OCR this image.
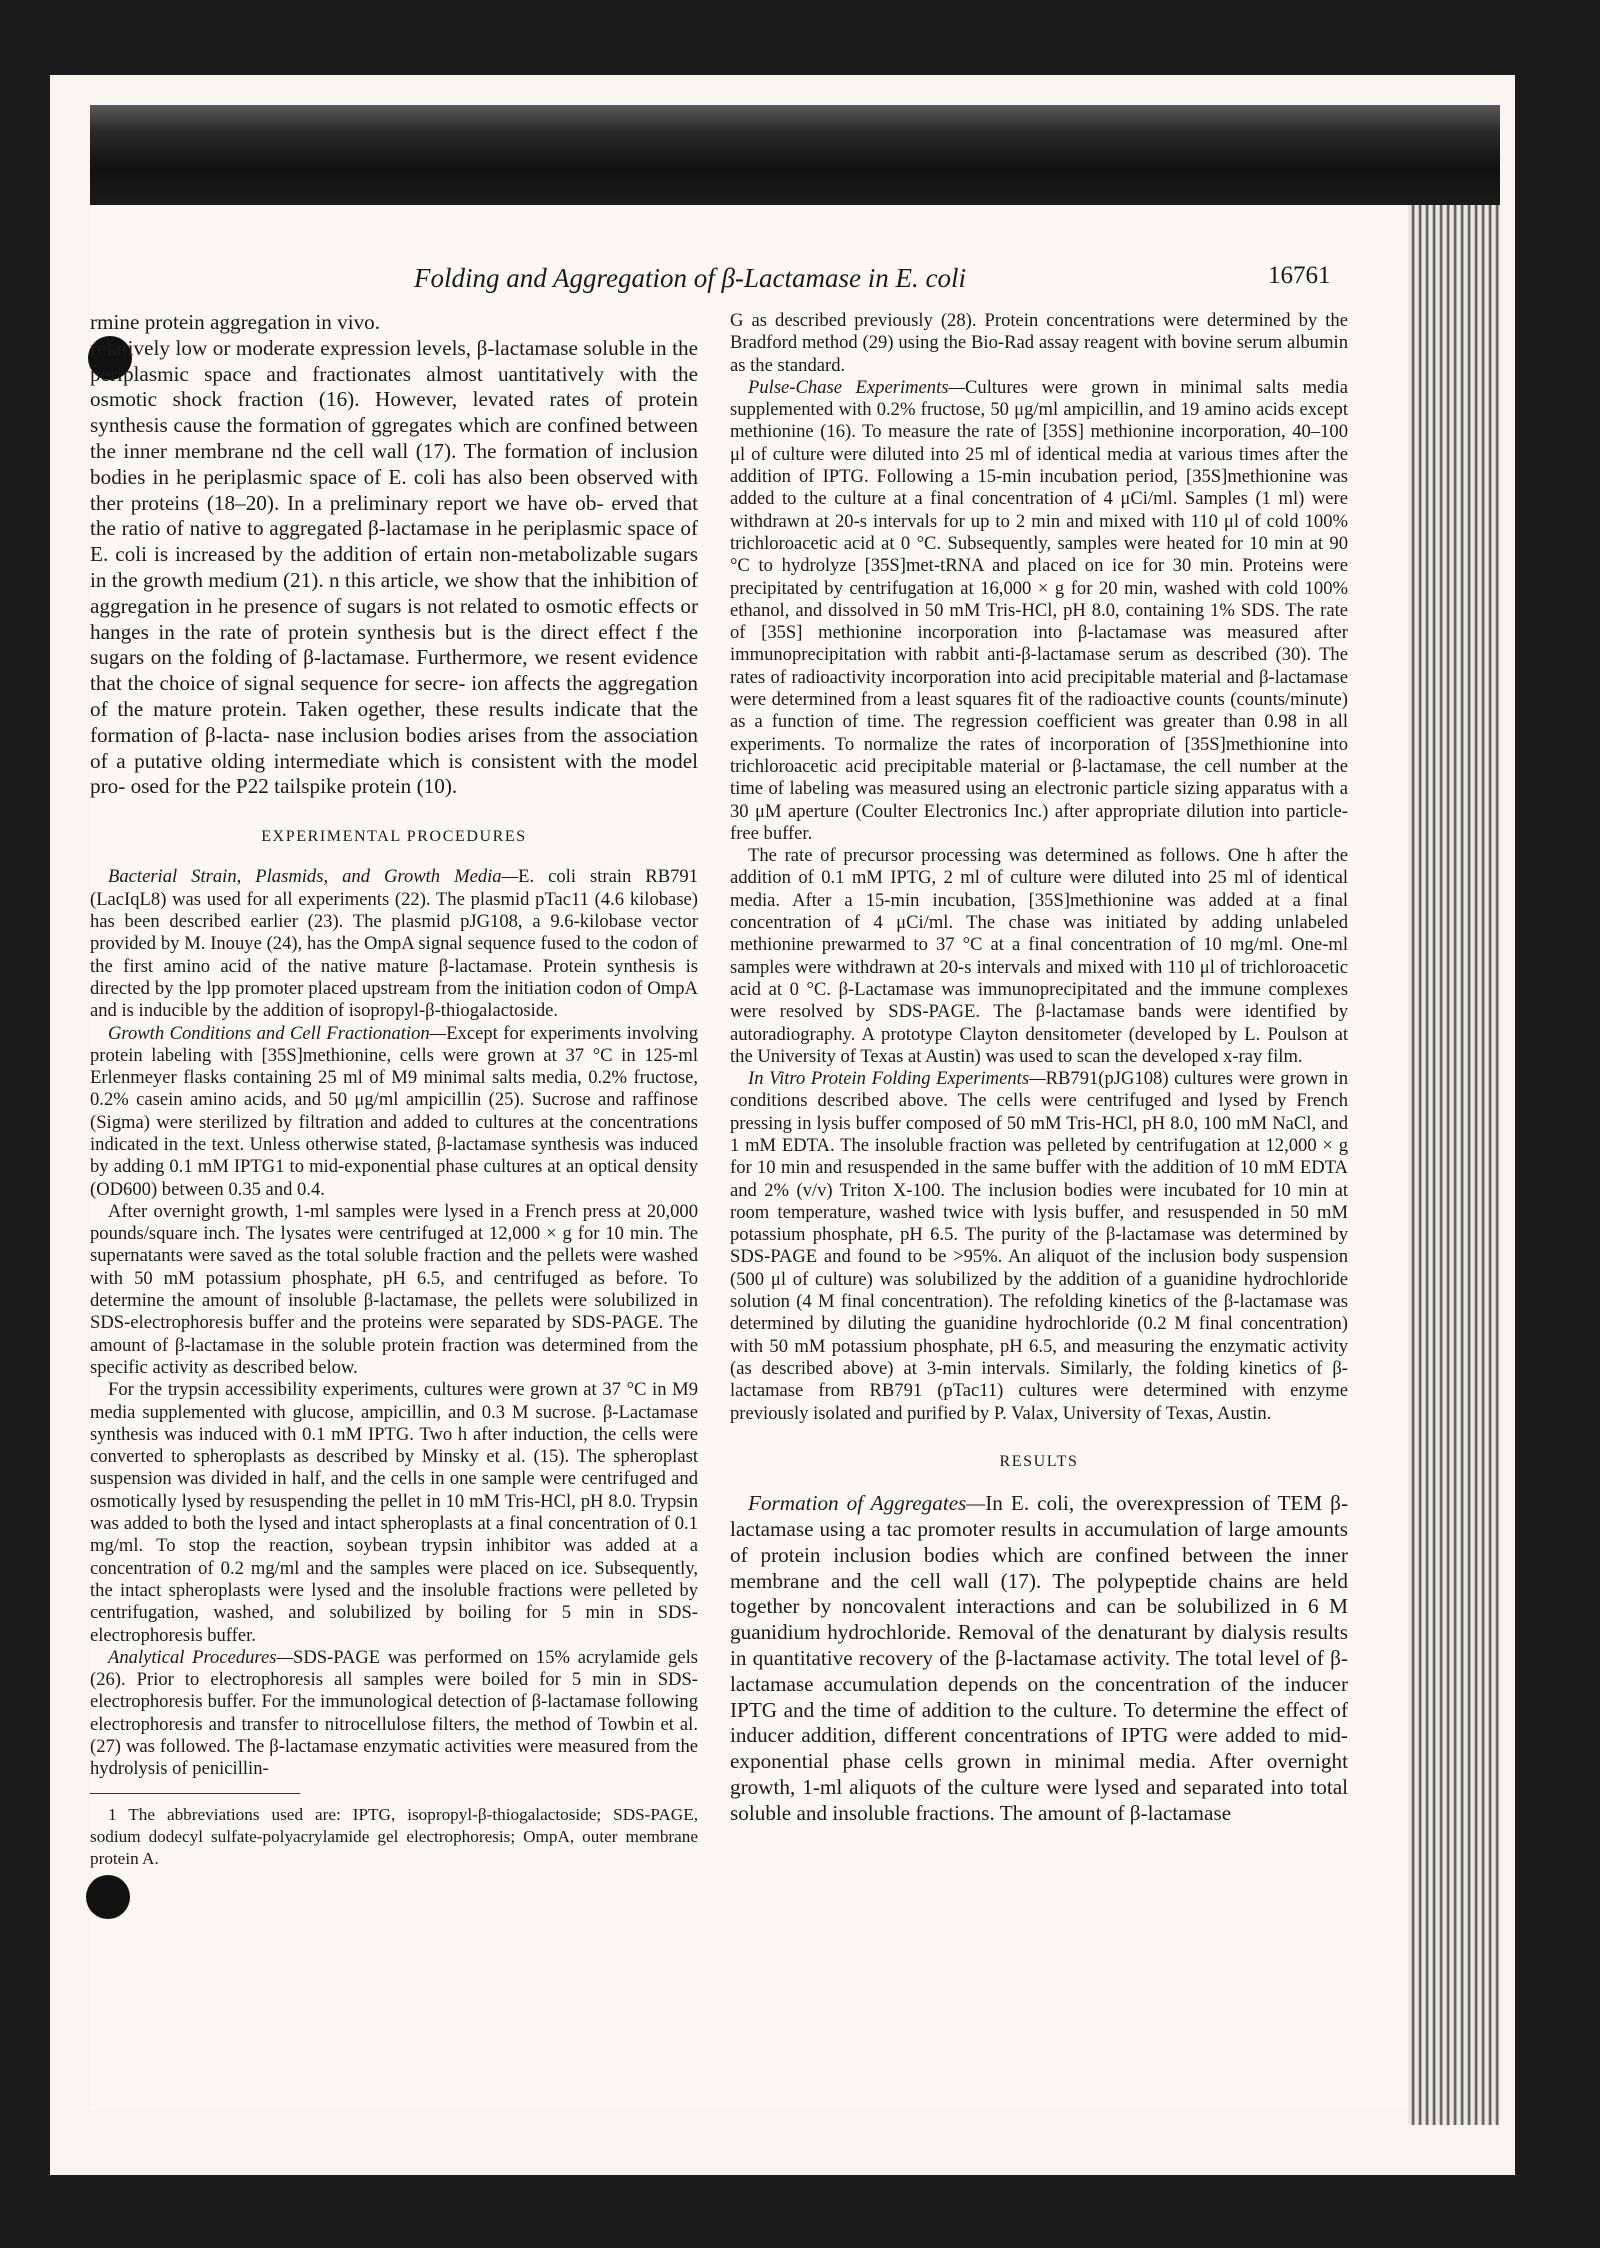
Folding and Aggregation of β-Lactamase in E. coli	16761

rmine protein aggregation in vivo.

relatively low or moderate expression levels, β-lactamase soluble in the periplasmic space and fractionates almost uantitatively with the osmotic shock fraction (16). However, levated rates of protein synthesis cause the formation of ggregates which are confined between the inner membrane nd the cell wall (17). The formation of inclusion bodies in he periplasmic space of E. coli has also been observed with ther proteins (18–20). In a preliminary report we have ob- erved that the ratio of native to aggregated β-lactamase in he periplasmic space of E. coli is increased by the addition of ertain non-metabolizable sugars in the growth medium (21). n this article, we show that the inhibition of aggregation in he presence of sugars is not related to osmotic effects or hanges in the rate of protein synthesis but is the direct effect f the sugars on the folding of β-lactamase. Furthermore, we resent evidence that the choice of signal sequence for secre- ion affects the aggregation of the mature protein. Taken ogether, these results indicate that the formation of β-lacta- nase inclusion bodies arises from the association of a putative olding intermediate which is consistent with the model pro- osed for the P22 tailspike protein (10).

EXPERIMENTAL PROCEDURES

Bacterial Strain, Plasmids, and Growth Media—E. coli strain RB791 (LacIqL8) was used for all experiments (22). The plasmid pTac11 (4.6 kilobase) has been described earlier (23). The plasmid pJG108, a 9.6-kilobase vector provided by M. Inouye (24), has the OmpA signal sequence fused to the codon of the first amino acid of the native mature β-lactamase. Protein synthesis is directed by the lpp promoter placed upstream from the initiation codon of OmpA and is inducible by the addition of isopropyl-β-thiogalactoside.

Growth Conditions and Cell Fractionation—Except for experiments involving protein labeling with [35S]methionine, cells were grown at 37 °C in 125-ml Erlenmeyer flasks containing 25 ml of M9 minimal salts media, 0.2% fructose, 0.2% casein amino acids, and 50 μg/ml ampicillin (25). Sucrose and raffinose (Sigma) were sterilized by filtration and added to cultures at the concentrations indicated in the text. Unless otherwise stated, β-lactamase synthesis was induced by adding 0.1 mM IPTG1 to mid-exponential phase cultures at an optical density (OD600) between 0.35 and 0.4.

After overnight growth, 1-ml samples were lysed in a French press at 20,000 pounds/square inch. The lysates were centrifuged at 12,000 × g for 10 min. The supernatants were saved as the total soluble fraction and the pellets were washed with 50 mM potassium phosphate, pH 6.5, and centrifuged as before. To determine the amount of insoluble β-lactamase, the pellets were solubilized in SDS-electrophoresis buffer and the proteins were separated by SDS-PAGE. The amount of β-lactamase in the soluble protein fraction was determined from the specific activity as described below.

For the trypsin accessibility experiments, cultures were grown at 37 °C in M9 media supplemented with glucose, ampicillin, and 0.3 M sucrose. β-Lactamase synthesis was induced with 0.1 mM IPTG. Two h after induction, the cells were converted to spheroplasts as described by Minsky et al. (15). The spheroplast suspension was divided in half, and the cells in one sample were centrifuged and osmotically lysed by resuspending the pellet in 10 mM Tris-HCl, pH 8.0. Trypsin was added to both the lysed and intact spheroplasts at a final concentration of 0.1 mg/ml. To stop the reaction, soybean trypsin inhibitor was added at a concentration of 0.2 mg/ml and the samples were placed on ice. Subsequently, the intact spheroplasts were lysed and the insoluble fractions were pelleted by centrifugation, washed, and solubilized by boiling for 5 min in SDS-electrophoresis buffer.

Analytical Procedures—SDS-PAGE was performed on 15% acrylamide gels (26). Prior to electrophoresis all samples were boiled for 5 min in SDS-electrophoresis buffer. For the immunological detection of β-lactamase following electrophoresis and transfer to nitrocellulose filters, the method of Towbin et al. (27) was followed. The β-lactamase enzymatic activities were measured from the hydrolysis of penicillin-

1 The abbreviations used are: IPTG, isopropyl-β-thiogalactoside; SDS-PAGE, sodium dodecyl sulfate-polyacrylamide gel electrophoresis; OmpA, outer membrane protein A.

G as described previously (28). Protein concentrations were determined by the Bradford method (29) using the Bio-Rad assay reagent with bovine serum albumin as the standard.

Pulse-Chase Experiments—Cultures were grown in minimal salts media supplemented with 0.2% fructose, 50 μg/ml ampicillin, and 19 amino acids except methionine (16). To measure the rate of [35S] methionine incorporation, 40–100 μl of culture were diluted into 25 ml of identical media at various times after the addition of IPTG. Following a 15-min incubation period, [35S]methionine was added to the culture at a final concentration of 4 μCi/ml. Samples (1 ml) were withdrawn at 20-s intervals for up to 2 min and mixed with 110 μl of cold 100% trichloroacetic acid at 0 °C. Subsequently, samples were heated for 10 min at 90 °C to hydrolyze [35S]met-tRNA and placed on ice for 30 min. Proteins were precipitated by centrifugation at 16,000 × g for 20 min, washed with cold 100% ethanol, and dissolved in 50 mM Tris-HCl, pH 8.0, containing 1% SDS. The rate of [35S] methionine incorporation into β-lactamase was measured after immunoprecipitation with rabbit anti-β-lactamase serum as described (30). The rates of radioactivity incorporation into acid precipitable material and β-lactamase were determined from a least squares fit of the radioactive counts (counts/minute) as a function of time. The regression coefficient was greater than 0.98 in all experiments. To normalize the rates of incorporation of [35S]methionine into trichloroacetic acid precipitable material or β-lactamase, the cell number at the time of labeling was measured using an electronic particle sizing apparatus with a 30 μM aperture (Coulter Electronics Inc.) after appropriate dilution into particle-free buffer.

The rate of precursor processing was determined as follows. One h after the addition of 0.1 mM IPTG, 2 ml of culture were diluted into 25 ml of identical media. After a 15-min incubation, [35S]methionine was added at a final concentration of 4 μCi/ml. The chase was initiated by adding unlabeled methionine prewarmed to 37 °C at a final concentration of 10 mg/ml. One-ml samples were withdrawn at 20-s intervals and mixed with 110 μl of trichloroacetic acid at 0 °C. β-Lactamase was immunoprecipitated and the immune complexes were resolved by SDS-PAGE. The β-lactamase bands were identified by autoradiography. A prototype Clayton densitometer (developed by L. Poulson at the University of Texas at Austin) was used to scan the developed x-ray film.

In Vitro Protein Folding Experiments—RB791(pJG108) cultures were grown in conditions described above. The cells were centrifuged and lysed by French pressing in lysis buffer composed of 50 mM Tris-HCl, pH 8.0, 100 mM NaCl, and 1 mM EDTA. The insoluble fraction was pelleted by centrifugation at 12,000 × g for 10 min and resuspended in the same buffer with the addition of 10 mM EDTA and 2% (v/v) Triton X-100. The inclusion bodies were incubated for 10 min at room temperature, washed twice with lysis buffer, and resuspended in 50 mM potassium phosphate, pH 6.5. The purity of the β-lactamase was determined by SDS-PAGE and found to be >95%. An aliquot of the inclusion body suspension (500 μl of culture) was solubilized by the addition of a guanidine hydrochloride solution (4 M final concentration). The refolding kinetics of the β-lactamase was determined by diluting the guanidine hydrochloride (0.2 M final concentration) with 50 mM potassium phosphate, pH 6.5, and measuring the enzymatic activity (as described above) at 3-min intervals. Similarly, the folding kinetics of β-lactamase from RB791 (pTac11) cultures were determined with enzyme previously isolated and purified by P. Valax, University of Texas, Austin.

RESULTS

Formation of Aggregates—In E. coli, the overexpression of TEM β-lactamase using a tac promoter results in accumulation of large amounts of protein inclusion bodies which are confined between the inner membrane and the cell wall (17). The polypeptide chains are held together by noncovalent interactions and can be solubilized in 6 M guanidium hydrochloride. Removal of the denaturant by dialysis results in quantitative recovery of the β-lactamase activity. The total level of β-lactamase accumulation depends on the concentration of the inducer IPTG and the time of addition to the culture. To determine the effect of inducer addition, different concentrations of IPTG were added to mid-exponential phase cells grown in minimal media. After overnight growth, 1-ml aliquots of the culture were lysed and separated into total soluble and insoluble fractions. The amount of β-lactamase
